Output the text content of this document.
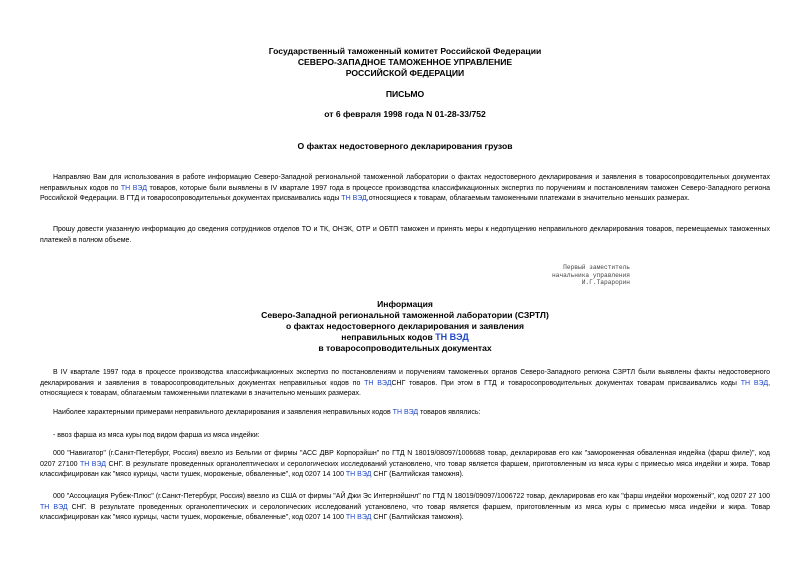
Государственный таможенный комитет Российской Федерации
СЕВЕРО-ЗАПАДНОЕ ТАМОЖЕННОЕ УПРАВЛЕНИЕ
РОССИЙСКОЙ ФЕДЕРАЦИИ
ПИСЬМО
от 6 февраля 1998 года N 01-28-33/752
О фактах недостоверного декларирования грузов
Направляю Вам для использования в работе информацию Северо-Западной региональной таможенной лаборатории о фактах недостоверного декларирования и заявления в товаросопроводительных документах неправильных кодов по ТН ВЭД товаров, которые были выявлены в IV квартале 1997 года в процессе производства классификационных экспертиз по поручениям и постановлениям таможен Северо-Западного региона Российской Федерации. В ГТД и товаросопроводительных документах присваивались коды ТН ВЭД,относящиеся к товарам, облагаемым таможенными платежами в значительно меньших размерах.
Прошу довести указанную информацию до сведения сотрудников отделов ТО и ТК, ОНЭК, ОТР и ОБТП таможен и принять меры к недопущению неправильного декларирования товаров, перемещаемых таможенных платежей в полном объеме.
Первый заместитель
начальника управления
И.Г.Тарарорин
Информация
Северо-Западной региональной таможенной лаборатории (СЗРТЛ)
о фактах недостоверного декларирования и заявления
неправильных кодов ТН ВЭД
в товаросопроводительных документах
В IV квартале 1997 года в процессе производства классификационных экспертиз по постановлениям и поручениям таможенных органов Северо-Западного региона СЗРТЛ были выявлены факты недостоверного декларирования и заявления в товаросопроводительных документах неправильных кодов по ТН ВЭДСНГ товаров. При этом в ГТД и товаросопроводительных документах товарам присваивались коды ТН ВЭД, относящиеся к товарам, облагаемым таможенными платежами в значительно меньших размерах.
Наиболее характерными примерами неправильного декларирования и заявления неправильных кодов ТН ВЭД товаров являлись:
- ввоз фарша из мяса куры под видом фарша из мяса индейки:
000 "Навигатор" (г.Санкт-Петербург, Россия) ввезло из Бельгии от фирмы "АСС ДВР Корпорэйшн" по ГТД N 18019/08097/1006688 товар, декларировав его как "замороженная обваленная индейка (фарш филе)", код 0207 27100 ТН ВЭД СНГ. В результате проведенных органолептических и серологических исследований установлено, что товар является фаршем, приготовленным из мяса куры с примесью мяса индейки и жира. Товар классифицирован как "мясо курицы, части тушек, мороженые, обваленные", код 0207 14 100 ТН ВЭД СНГ (Балтийская таможня).
000 "Ассоциация Рубеж-Плюс" (г.Санкт-Петербург, Россия) ввезло из США от фирмы "АЙ Джи Эс Интернэйшнл" по ГТД N 18019/09097/1006722 товар, декларировав его как "фарш индейки мороженый", код 0207 27 100 ТН ВЭД СНГ. В результате проведенных органолептических и серологических исследований установлено, что товар является фаршем, приготовленным из мяса куры с примесью мяса индейки и жира. Товар классифицирован как "мясо курицы, части тушек, мороженые, обваленные", код 0207 14 100 ТН ВЭД СНГ (Балтийская таможня).
